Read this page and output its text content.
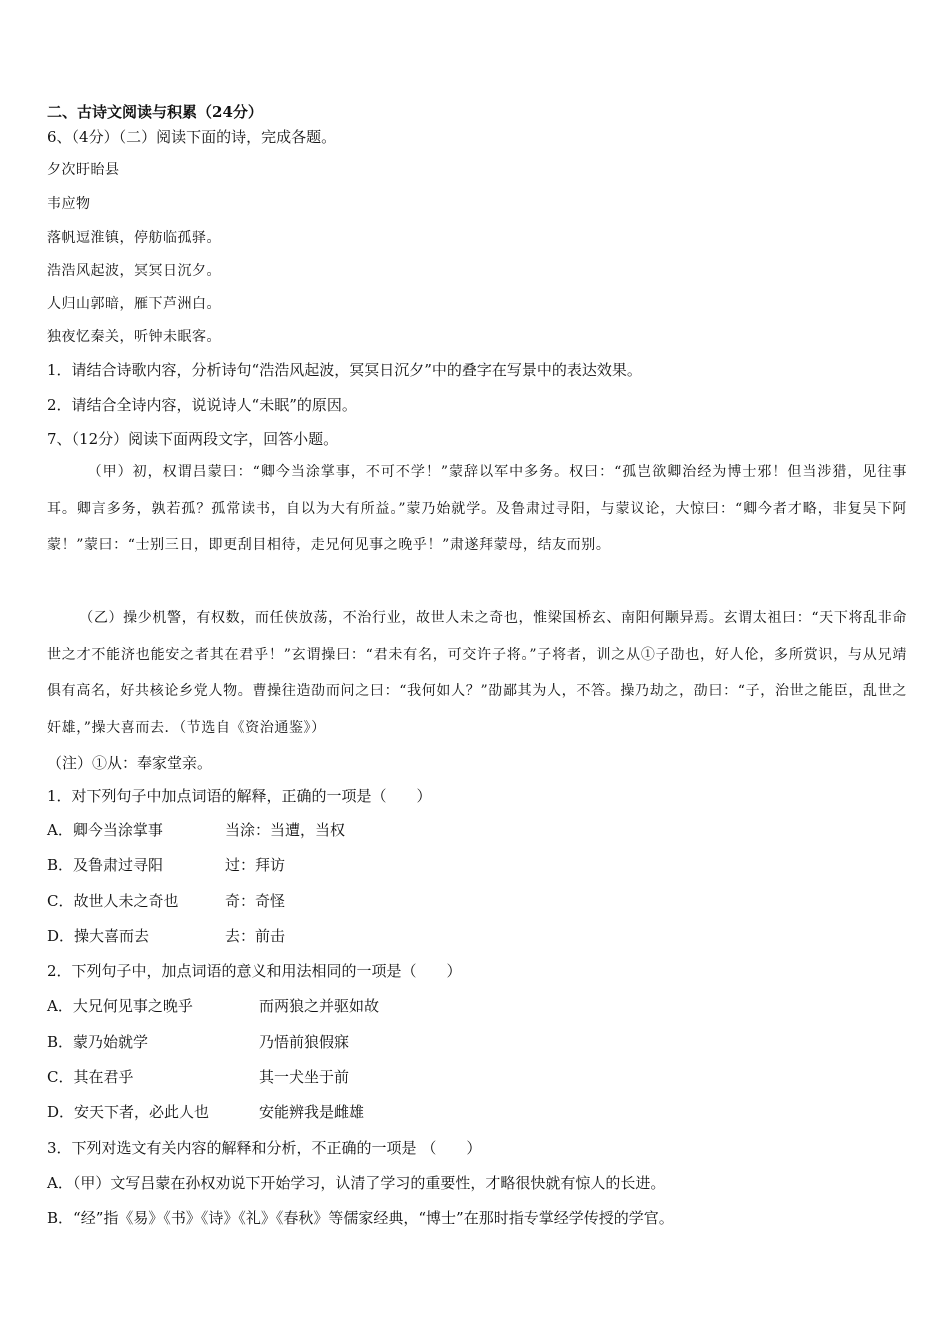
二、古诗文阅读与积累（24分）
6、（4分）（二）阅读下面的诗，完成各题。
夕次盱眙县
韦应物
落帆逗淮镇，停舫临孤驿。
浩浩风起波，冥冥日沉夕。
人归山郭暗，雁下芦洲白。
独夜忆秦关，听钟未眠客。
1．请结合诗歌内容，分析诗句“浩浩风起波，冥冥日沉夕”中的叠字在写景中的表达效果。
2．请结合全诗内容，说说诗人“未眠”的原因。
7、（12分）阅读下面两段文字，回答小题。

（甲）初，权谓吕蒙曰：“卿今当涂掌事，不可不学！”蒙辞以军中多务。权曰：“孤岂欲卿治经为博士邪！但当涉猎，见往事耳。卿言多务，孰若孤？孤常读书，自以为大有所益。”蒙乃始就学。及鲁肃过寻阳，与蒙议论，大惊曰：“卿今者才略，非复吴下阿蒙！”蒙曰：“士别三日，即更刮目相待，走兄何见事之晚乎！”肃遂拜蒙母，结友而别。

（乙）操少机警，有权数，而任侠放荡，不治行业，故世人未之奇也，惟梁国桥玄、南阳何颙异焉。玄谓太祖曰：“天下将乱非命世之才不能济也能安之者其在君乎！”玄谓操曰：“君未有名，可交许子将。”子将者，训之从①子劭也，好人伦，多所赏识，与从兄靖俱有高名，好共核论乡党人物。曹操往造劭而问之曰：“我何如人？”劭鄙其为人，不答。操乃劫之，劭曰：“子，治世之能臣，乱世之奸雄，”操大喜而去．（节选自《资治通鉴》）

（注）①从：奉家堂亲。
1．对下列句子中加点词语的解释，正确的一项是（　　）
A．卿今当涂掌事	当涂：当遭，当权
B．及鲁肃过寻阳	过：拜访
C．故世人未之奇也	奇：奇怪
D．操大喜而去	去：前击
2．下列句子中，加点词语的意义和用法相同的一项是（　　）
A．大兄何见事之晚乎	而两狼之并驱如故
B．蒙乃始就学	乃悟前狼假寐
C．其在君乎	其一犬坐于前
D．安天下者，必此人也	安能辨我是雌雄
3．下列对选文有关内容的解释和分析，不正确的一项是 （　　）
A．（甲）文写吕蒙在孙权劝说下开始学习，认清了学习的重要性，才略很快就有惊人的长进。
B．“经”指《易》《书》《诗》《礼》《春秋》等儒家经典，“博士”在那时指专掌经学传授的学官。
